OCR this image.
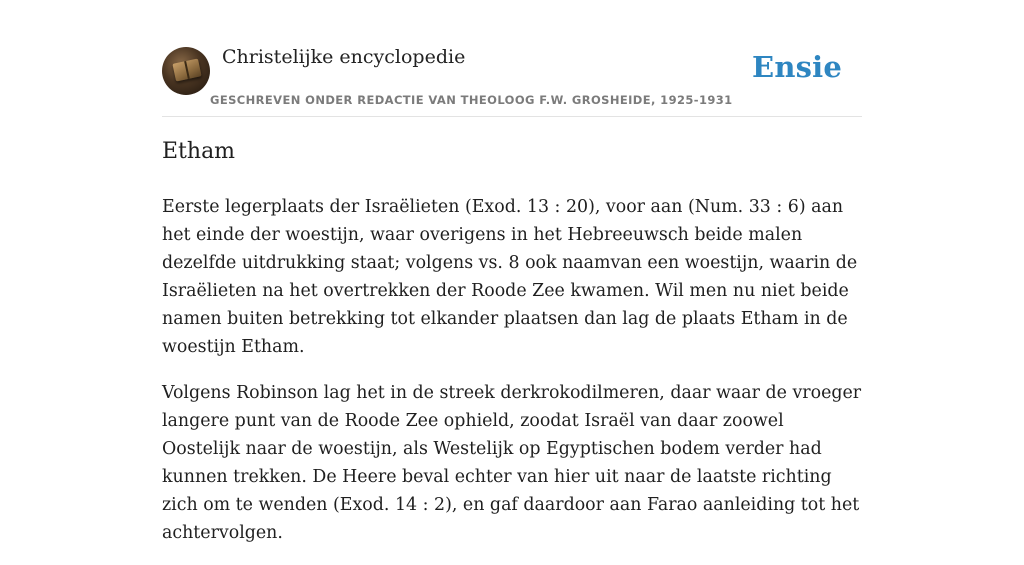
Christelijke encyclopedie
GESCHREVEN ONDER REDACTIE VAN THEOLOOG F.W. GROSHEIDE, 1925-1931
Ensie
Etham

Eerste legerplaats der Israëlieten (Exod. 13 : 20), voor aan (Num. 33 : 6) aan het einde der woestijn, waar overigens in het Hebreeuwsch beide malen dezelfde uitdrukking staat; volgens vs. 8 ook naamvan een woestijn, waarin de Israëlieten na het overtrekken der Roode Zee kwamen. Wil men nu niet beide namen buiten betrekking tot elkander plaatsen dan lag de plaats Etham in de woestijn Etham.

Volgens Robinson lag het in de streek derkrokodilmeren, daar waar de vroeger langere punt van de Roode Zee ophield, zoodat Israël van daar zoowel Oostelijk naar de woestijn, als Westelijk op Egyptischen bodem verder had kunnen trekken. De Heere beval echter van hier uit naar de laatste richting zich om te wenden (Exod. 14 : 2), en gaf daardoor aan Farao aanleiding tot het achtervolgen.
